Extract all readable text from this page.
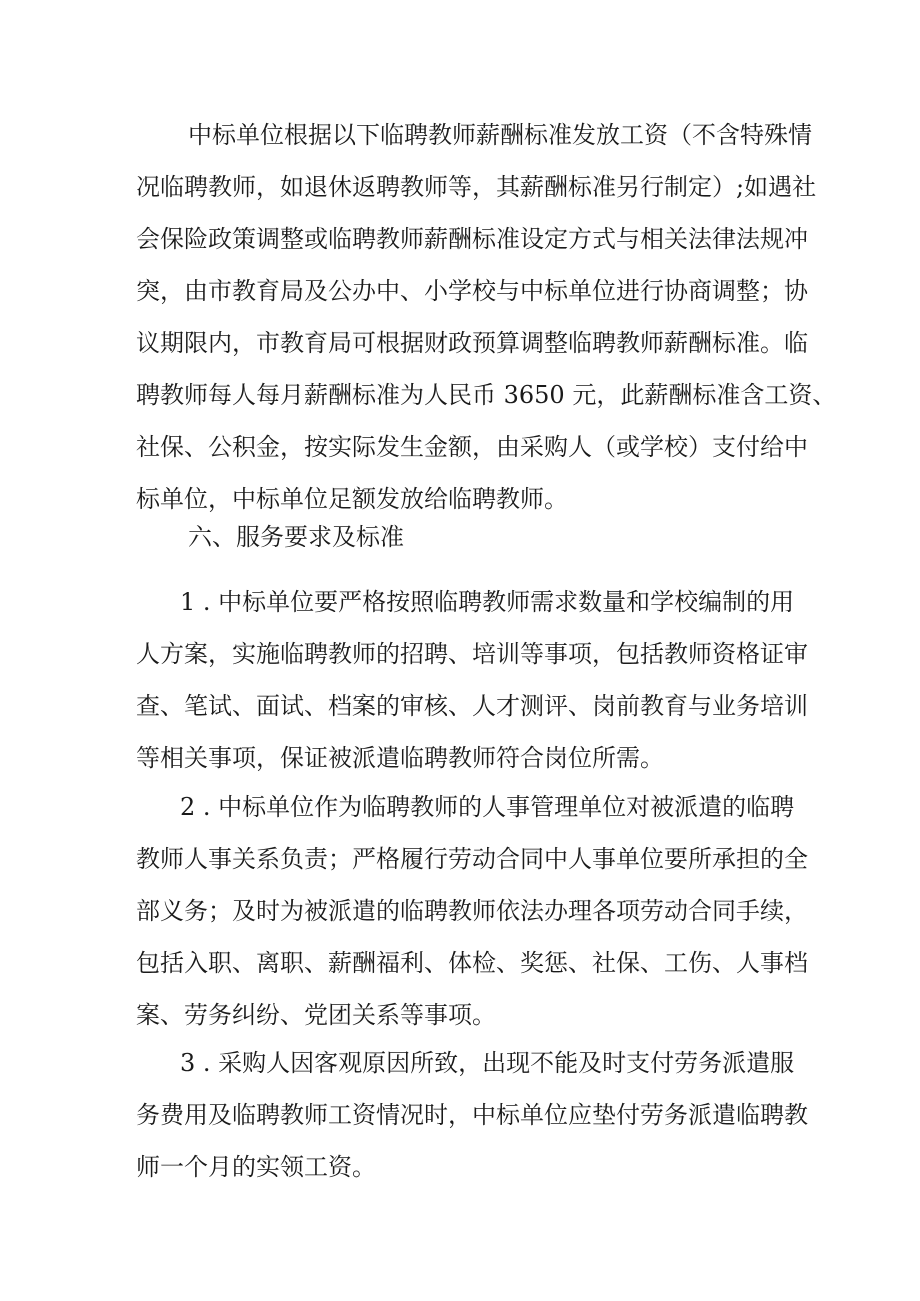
中标单位根据以下临聘教师薪酬标准发放工资（不含特殊情
况临聘教师，如退休返聘教师等，其薪酬标准另行制定）;如遇社
会保险政策调整或临聘教师薪酬标准设定方式与相关法律法规冲
突，由市教育局及公办中、小学校与中标单位进行协商调整；协
议期限内，市教育局可根据财政预算调整临聘教师薪酬标准。临
聘教师每人每月薪酬标准为人民币 3650 元，此薪酬标准含工资、
社保、公积金，按实际发生金额，由采购人（或学校）支付给中
标单位，中标单位足额发放给临聘教师。
六、服务要求及标准
1 . 中标单位要严格按照临聘教师需求数量和学校编制的用
人方案，实施临聘教师的招聘、培训等事项，包括教师资格证审
查、笔试、面试、档案的审核、人才测评、岗前教育与业务培训
等相关事项，保证被派遣临聘教师符合岗位所需。
2 . 中标单位作为临聘教师的人事管理单位对被派遣的临聘
教师人事关系负责；严格履行劳动合同中人事单位要所承担的全
部义务；及时为被派遣的临聘教师依法办理各项劳动合同手续，
包括入职、离职、薪酬福利、体检、奖惩、社保、工伤、人事档
案、劳务纠纷、党团关系等事项。
3 . 采购人因客观原因所致，出现不能及时支付劳务派遣服
务费用及临聘教师工资情况时，中标单位应垫付劳务派遣临聘教
师一个月的实领工资。
